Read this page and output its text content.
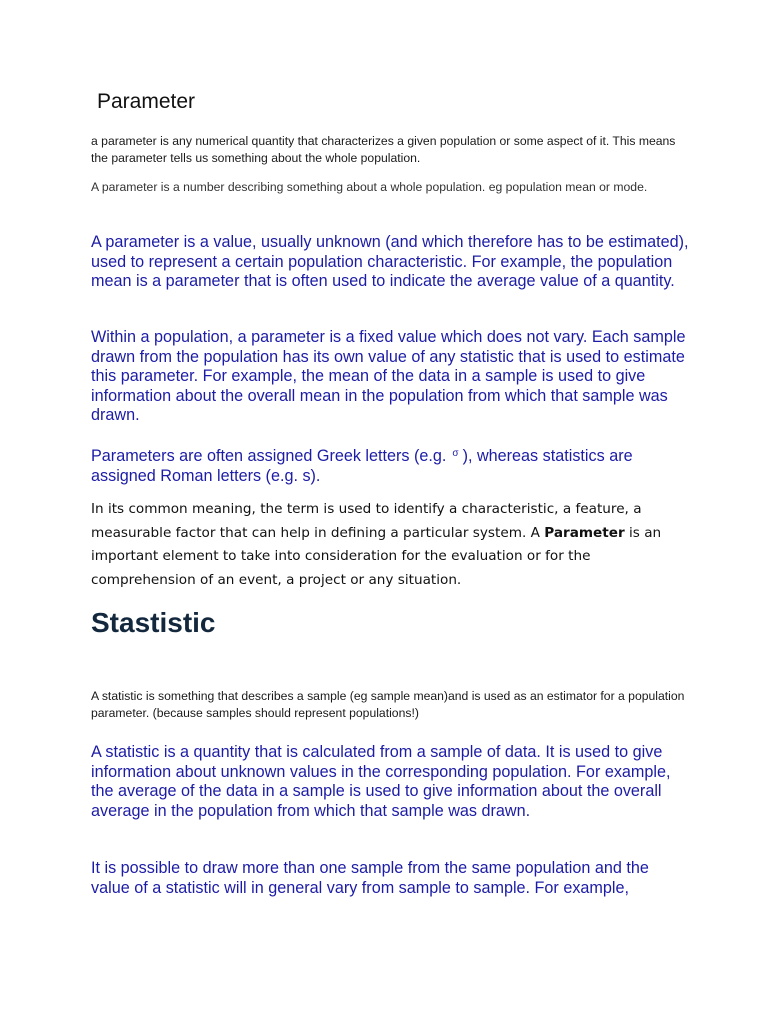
Parameter

a parameter is any numerical quantity that characterizes a given population or some aspect of it. This means the parameter tells us something about the whole population.

A parameter is a number describing something about a whole population. eg population mean or mode.

A parameter is a value, usually unknown (and which therefore has to be estimated), used to represent a certain population characteristic. For example, the population mean is a parameter that is often used to indicate the average value of a quantity.

Within a population, a parameter is a fixed value which does not vary. Each sample drawn from the population has its own value of any statistic that is used to estimate this parameter. For example, the mean of the data in a sample is used to give information about the overall mean in the population from which that sample was drawn.

Parameters are often assigned Greek letters (e.g. $^\sigma$ ), whereas statistics are assigned Roman letters (e.g. s).

In its common meaning, the term is used to identify a characteristic, a feature, a measurable factor that can help in defining a particular system. A Parameter is an important element to take into consideration for the evaluation or for the comprehension of an event, a project or any situation.

Stastistic

A statistic is something that describes a sample (eg sample mean)and is used as an estimator for a population parameter. (because samples should represent populations!)

A statistic is a quantity that is calculated from a sample of data. It is used to give information about unknown values in the corresponding population. For example, the average of the data in a sample is used to give information about the overall average in the population from which that sample was drawn.

It is possible to draw more than one sample from the same population and the value of a statistic will in general vary from sample to sample. For example,
